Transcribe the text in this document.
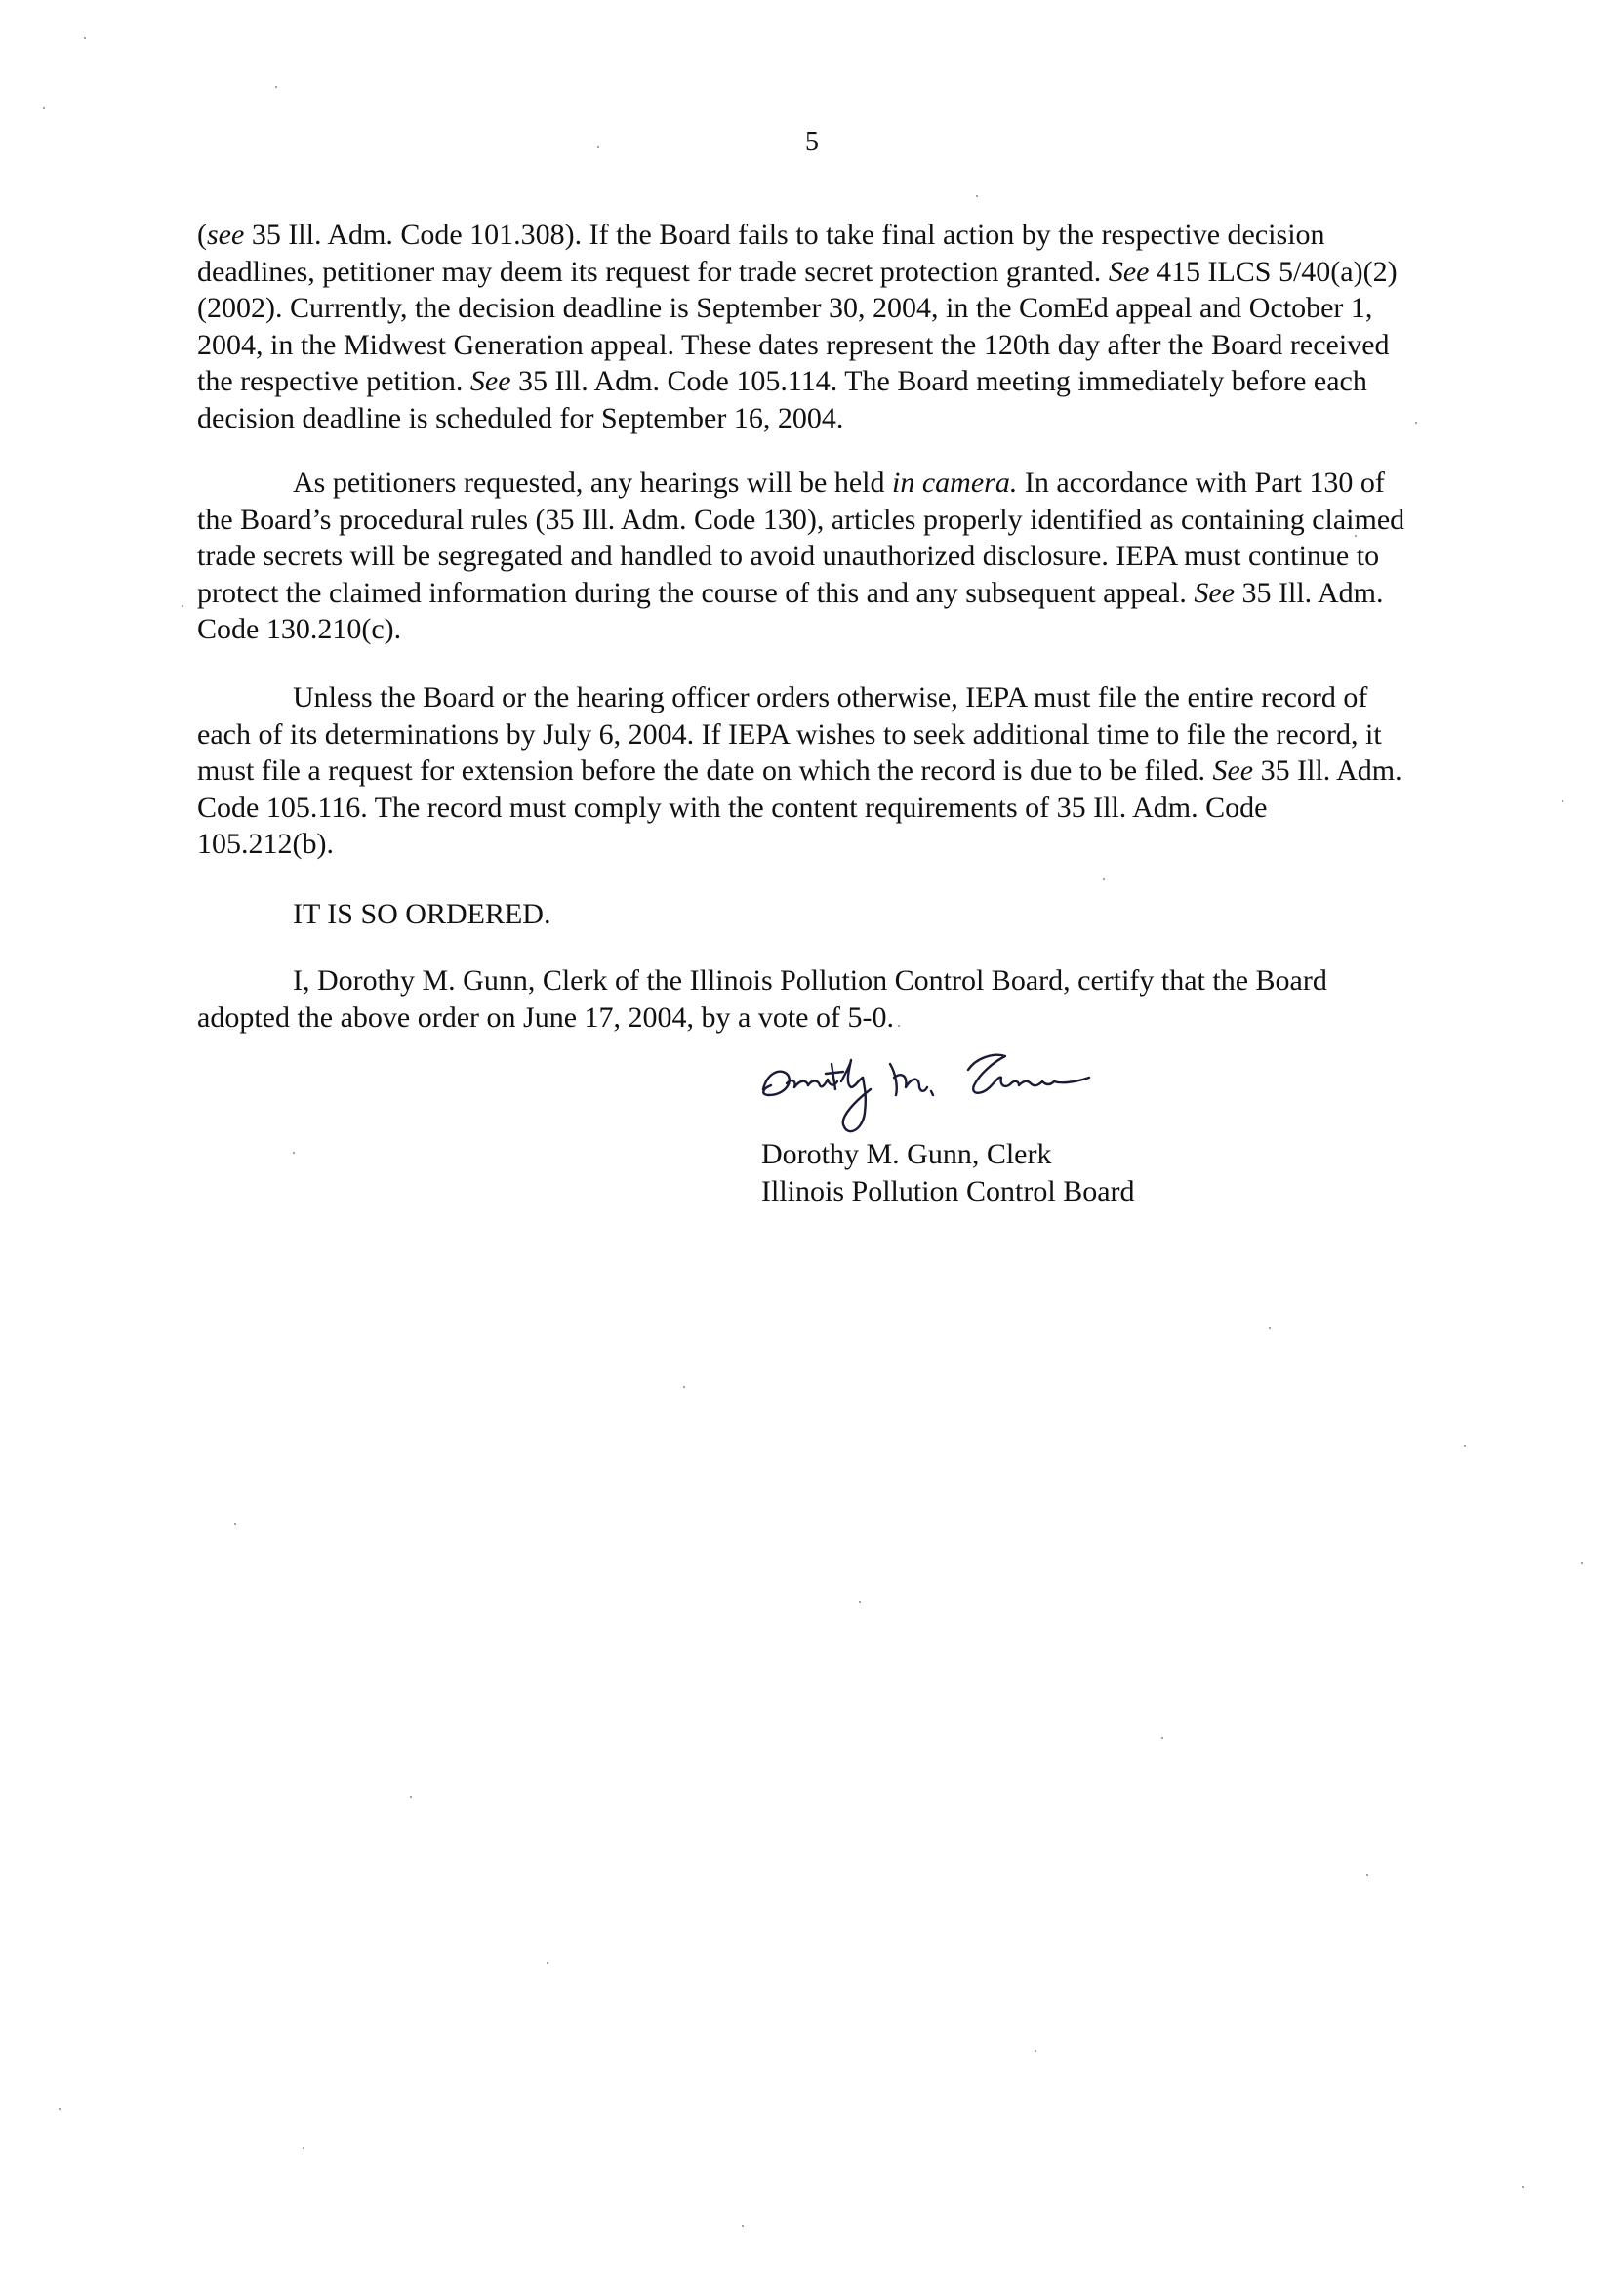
5

(see 35 Ill. Adm. Code 101.308). If the Board fails to take final action by the respective decision deadlines, petitioner may deem its request for trade secret protection granted. See 415 ILCS 5/40(a)(2) (2002). Currently, the decision deadline is September 30, 2004, in the ComEd appeal and October 1, 2004, in the Midwest Generation appeal. These dates represent the 120th day after the Board received the respective petition. See 35 Ill. Adm. Code 105.114. The Board meeting immediately before each decision deadline is scheduled for September 16, 2004.

As petitioners requested, any hearings will be held in camera. In accordance with Part 130 of the Board’s procedural rules (35 Ill. Adm. Code 130), articles properly identified as containing claimed trade secrets will be segregated and handled to avoid unauthorized disclosure. IEPA must continue to protect the claimed information during the course of this and any subsequent appeal. See 35 Ill. Adm. Code 130.210(c).

Unless the Board or the hearing officer orders otherwise, IEPA must file the entire record of each of its determinations by July 6, 2004. If IEPA wishes to seek additional time to file the record, it must file a request for extension before the date on which the record is due to be filed. See 35 Ill. Adm. Code 105.116. The record must comply with the content requirements of 35 Ill. Adm. Code 105.212(b).

IT IS SO ORDERED.

I, Dorothy M. Gunn, Clerk of the Illinois Pollution Control Board, certify that the Board adopted the above order on June 17, 2004, by a vote of 5-0.

Dorothy M. Gunn, Clerk
Illinois Pollution Control Board
